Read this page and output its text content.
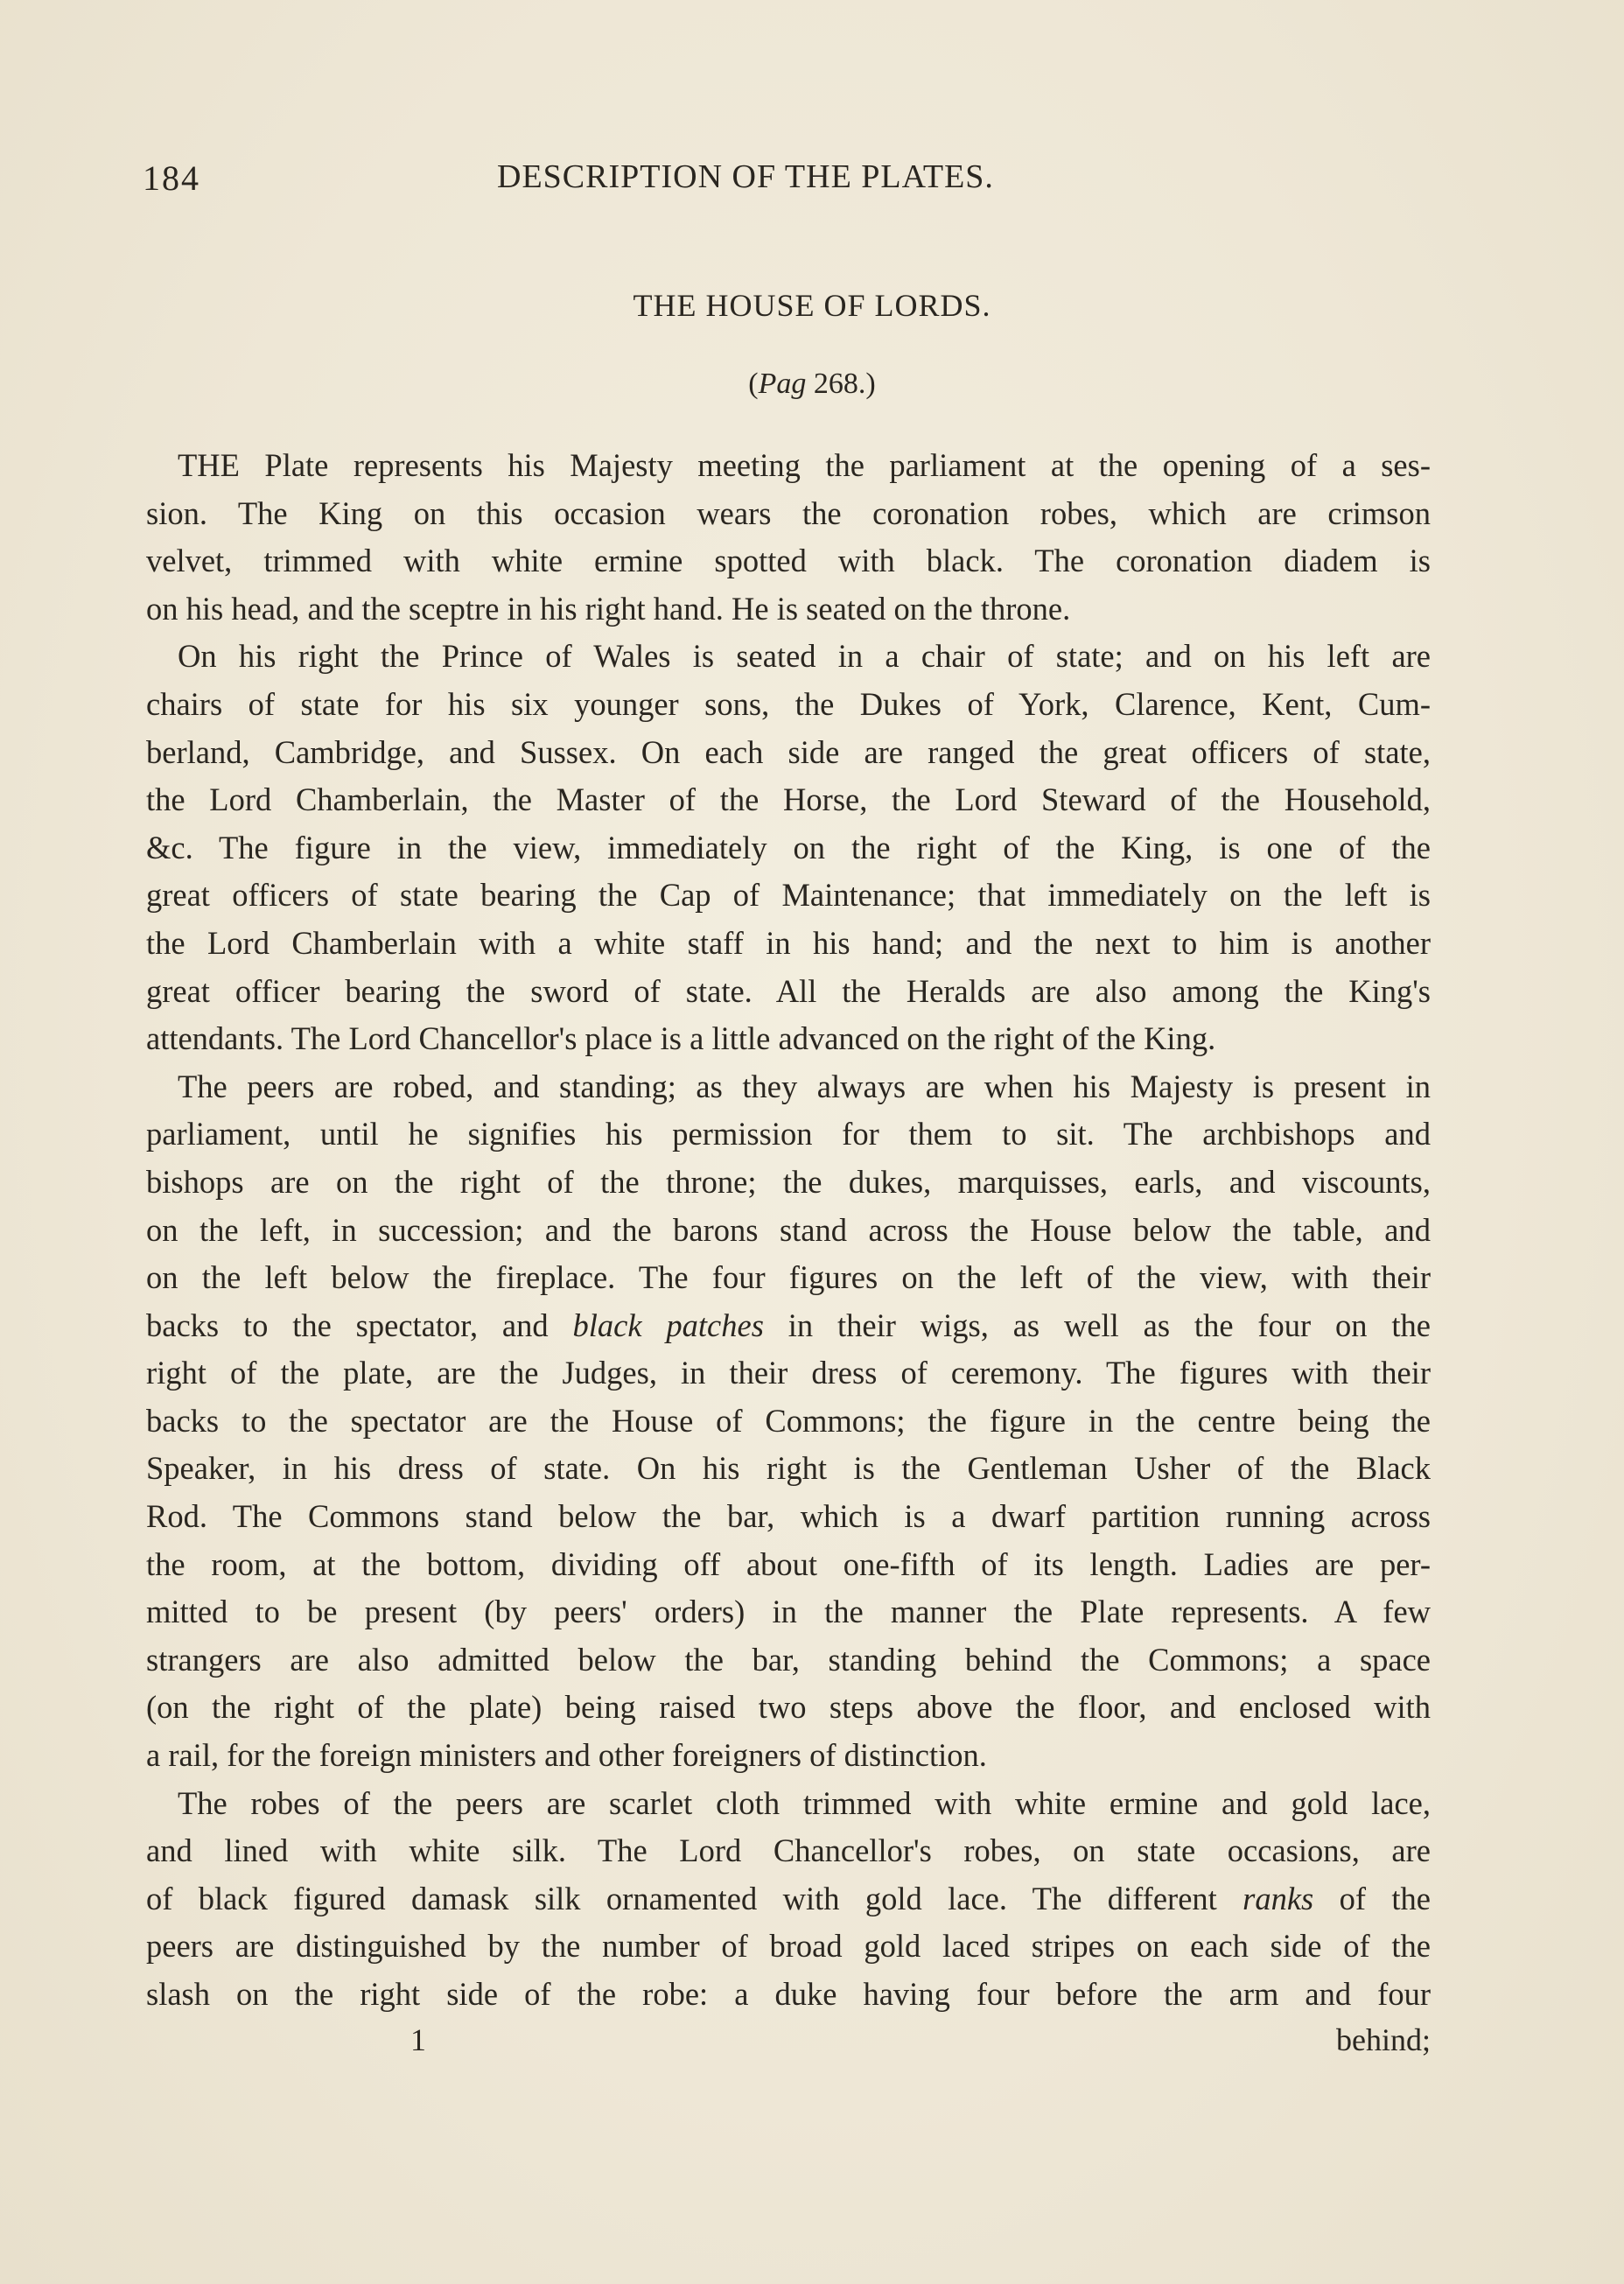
184	DESCRIPTION OF THE PLATES.
THE HOUSE OF LORDS.
(Pag 268.)
THE Plate represents his Majesty meeting the parliament at the opening of a ses-
sion. The King on this occasion wears the coronation robes, which are crimson
velvet, trimmed with white ermine spotted with black. The coronation diadem is
on his head, and the sceptre in his right hand. He is seated on the throne.
On his right the Prince of Wales is seated in a chair of state; and on his left are
chairs of state for his six younger sons, the Dukes of York, Clarence, Kent, Cum-
berland, Cambridge, and Sussex. On each side are ranged the great officers of state,
the Lord Chamberlain, the Master of the Horse, the Lord Steward of the Household,
&c. The figure in the view, immediately on the right of the King, is one of the
great officers of state bearing the Cap of Maintenance; that immediately on the left is
the Lord Chamberlain with a white staff in his hand; and the next to him is another
great officer bearing the sword of state. All the Heralds are also among the King's
attendants. The Lord Chancellor's place is a little advanced on the right of the King.
The peers are robed, and standing; as they always are when his Majesty is present in
parliament, until he signifies his permission for them to sit. The archbishops and
bishops are on the right of the throne; the dukes, marquisses, earls, and viscounts,
on the left, in succession; and the barons stand across the House below the table, and
on the left below the fireplace. The four figures on the left of the view, with their
backs to the spectator, and black patches in their wigs, as well as the four on the
right of the plate, are the Judges, in their dress of ceremony. The figures with their
backs to the spectator are the House of Commons; the figure in the centre being the
Speaker, in his dress of state. On his right is the Gentleman Usher of the Black
Rod. The Commons stand below the bar, which is a dwarf partition running across
the room, at the bottom, dividing off about one-fifth of its length. Ladies are per-
mitted to be present (by peers' orders) in the manner the Plate represents. A few
strangers are also admitted below the bar, standing behind the Commons; a space
(on the right of the plate) being raised two steps above the floor, and enclosed with
a rail, for the foreign ministers and other foreigners of distinction.
The robes of the peers are scarlet cloth trimmed with white ermine and gold lace,
and lined with white silk. The Lord Chancellor's robes, on state occasions, are
of black figured damask silk ornamented with gold lace. The different ranks of the
peers are distinguished by the number of broad gold laced stripes on each side of the
slash on the right side of the robe: a duke having four before the arm and four
1	behind;
